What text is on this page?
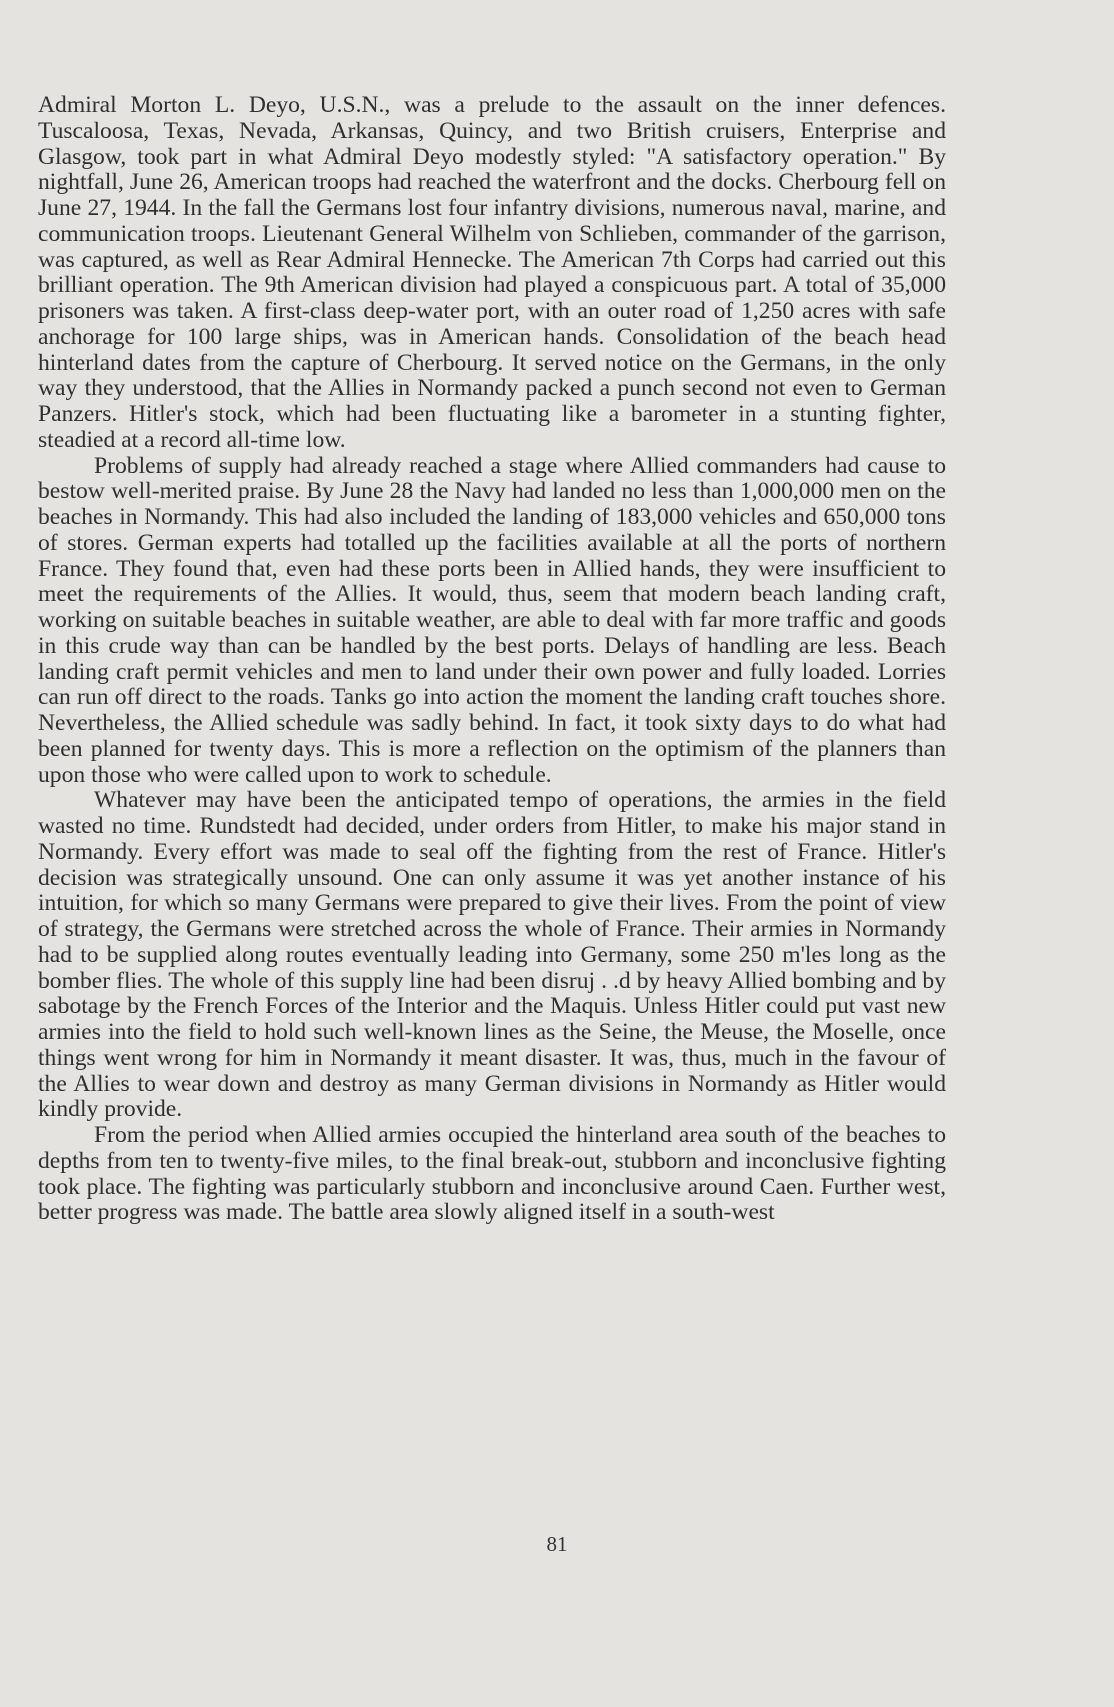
Admiral Morton L. Deyo, U.S.N., was a prelude to the assault on the inner defences. Tuscaloosa, Texas, Nevada, Arkansas, Quincy, and two British cruisers, Enterprise and Glasgow, took part in what Admiral Deyo modestly styled: "A satisfactory operation." By nightfall, June 26, American troops had reached the waterfront and the docks. Cherbourg fell on June 27, 1944. In the fall the Germans lost four infantry divisions, numerous naval, marine, and communication troops. Lieutenant General Wilhelm von Schlieben, commander of the garrison, was captured, as well as Rear Admiral Hennecke. The American 7th Corps had carried out this brilliant operation. The 9th American division had played a conspicuous part. A total of 35,000 prisoners was taken. A first-class deep-water port, with an outer road of 1,250 acres with safe anchorage for 100 large ships, was in American hands. Consolidation of the beach head hinterland dates from the capture of Cherbourg. It served notice on the Germans, in the only way they understood, that the Allies in Normandy packed a punch second not even to German Panzers. Hitler's stock, which had been fluctuating like a barometer in a stunting fighter, steadied at a record all-time low.

Problems of supply had already reached a stage where Allied commanders had cause to bestow well-merited praise. By June 28 the Navy had landed no less than 1,000,000 men on the beaches in Normandy. This had also included the landing of 183,000 vehicles and 650,000 tons of stores. German experts had totalled up the facilities available at all the ports of northern France. They found that, even had these ports been in Allied hands, they were insufficient to meet the requirements of the Allies. It would, thus, seem that modern beach landing craft, working on suitable beaches in suitable weather, are able to deal with far more traffic and goods in this crude way than can be handled by the best ports. Delays of handling are less. Beach landing craft permit vehicles and men to land under their own power and fully loaded. Lorries can run off direct to the roads. Tanks go into action the moment the landing craft touches shore. Nevertheless, the Allied schedule was sadly behind. In fact, it took sixty days to do what had been planned for twenty days. This is more a reflection on the optimism of the planners than upon those who were called upon to work to schedule.

Whatever may have been the anticipated tempo of operations, the armies in the field wasted no time. Rundstedt had decided, under orders from Hitler, to make his major stand in Normandy. Every effort was made to seal off the fighting from the rest of France. Hitler's decision was strategically unsound. One can only assume it was yet another instance of his intuition, for which so many Germans were prepared to give their lives. From the point of view of strategy, the Germans were stretched across the whole of France. Their armies in Normandy had to be supplied along routes eventually leading into Germany, some 250 m'les long as the bomber flies. The whole of this supply line had been disruj . .d by heavy Allied bombing and by sabotage by the French Forces of the Interior and the Maquis. Unless Hitler could put vast new armies into the field to hold such well-known lines as the Seine, the Meuse, the Moselle, once things went wrong for him in Normandy it meant disaster. It was, thus, much in the favour of the Allies to wear down and destroy as many German divisions in Normandy as Hitler would kindly provide.

From the period when Allied armies occupied the hinterland area south of the beaches to depths from ten to twenty-five miles, to the final break-out, stubborn and inconclusive fighting took place. The fighting was particularly stubborn and inconclusive around Caen. Further west, better progress was made. The battle area slowly aligned itself in a south-west

81
